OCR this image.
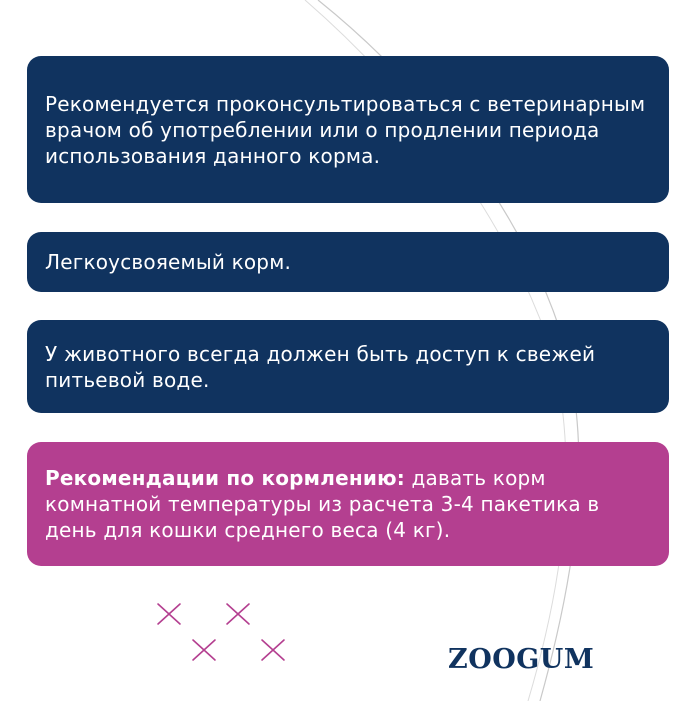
Рекомендуется проконсультироваться с ветеринарным врачом об употреблении или о продлении периода использования данного корма.

Легкоусвояемый корм.

У животного всегда должен быть доступ к свежей питьевой воде.

Рекомендации по кормлению: давать корм комнатной температуры из расчета 3-4 пакетика в день для кошки среднего веса (4 кг).

ZOOGUM
